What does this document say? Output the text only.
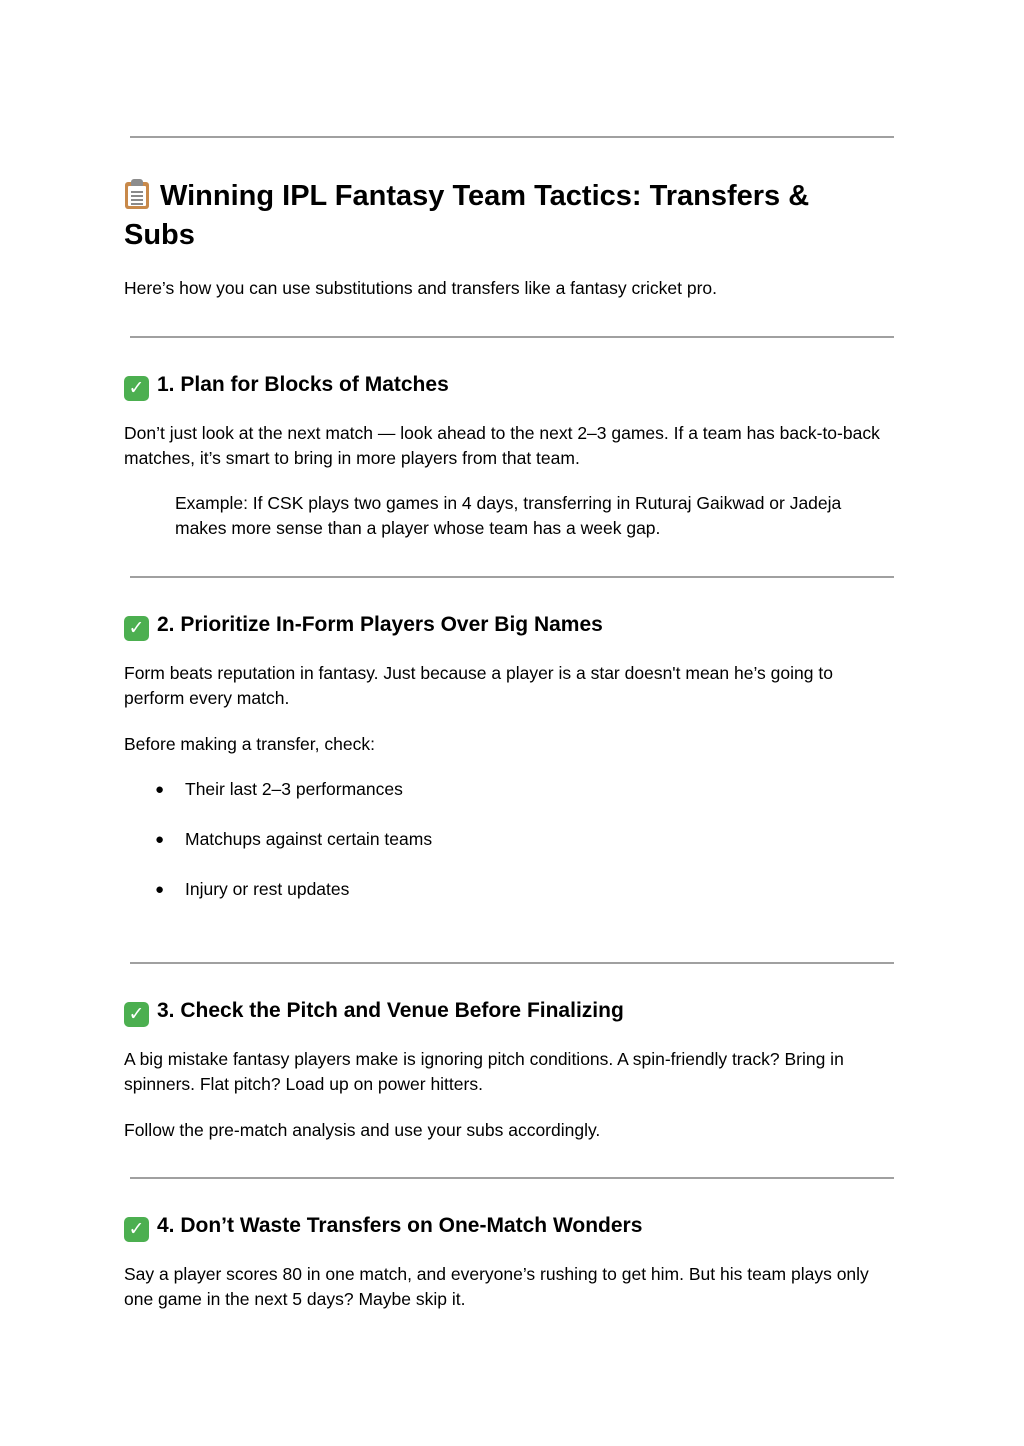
Winning IPL Fantasy Team Tactics: Transfers & Subs

Here’s how you can use substitutions and transfers like a fantasy cricket pro.

✓ 1. Plan for Blocks of Matches

Don’t just look at the next match — look ahead to the next 2–3 games. If a team has back-to-back matches, it’s smart to bring in more players from that team.

Example: If CSK plays two games in 4 days, transferring in Ruturaj Gaikwad or Jadeja makes more sense than a player whose team has a week gap.
✓ 2. Prioritize In-Form Players Over Big Names

Form beats reputation in fantasy. Just because a player is a star doesn't mean he’s going to perform every match.

Before making a transfer, check:

● Their last 2–3 performances
● Matchups against certain teams
● Injury or rest updates
✓ 3. Check the Pitch and Venue Before Finalizing

A big mistake fantasy players make is ignoring pitch conditions. A spin-friendly track? Bring in spinners. Flat pitch? Load up on power hitters.

Follow the pre-match analysis and use your subs accordingly.

✓ 4. Don’t Waste Transfers on One-Match Wonders

Say a player scores 80 in one match, and everyone’s rushing to get him. But his team plays only one game in the next 5 days? Maybe skip it.
